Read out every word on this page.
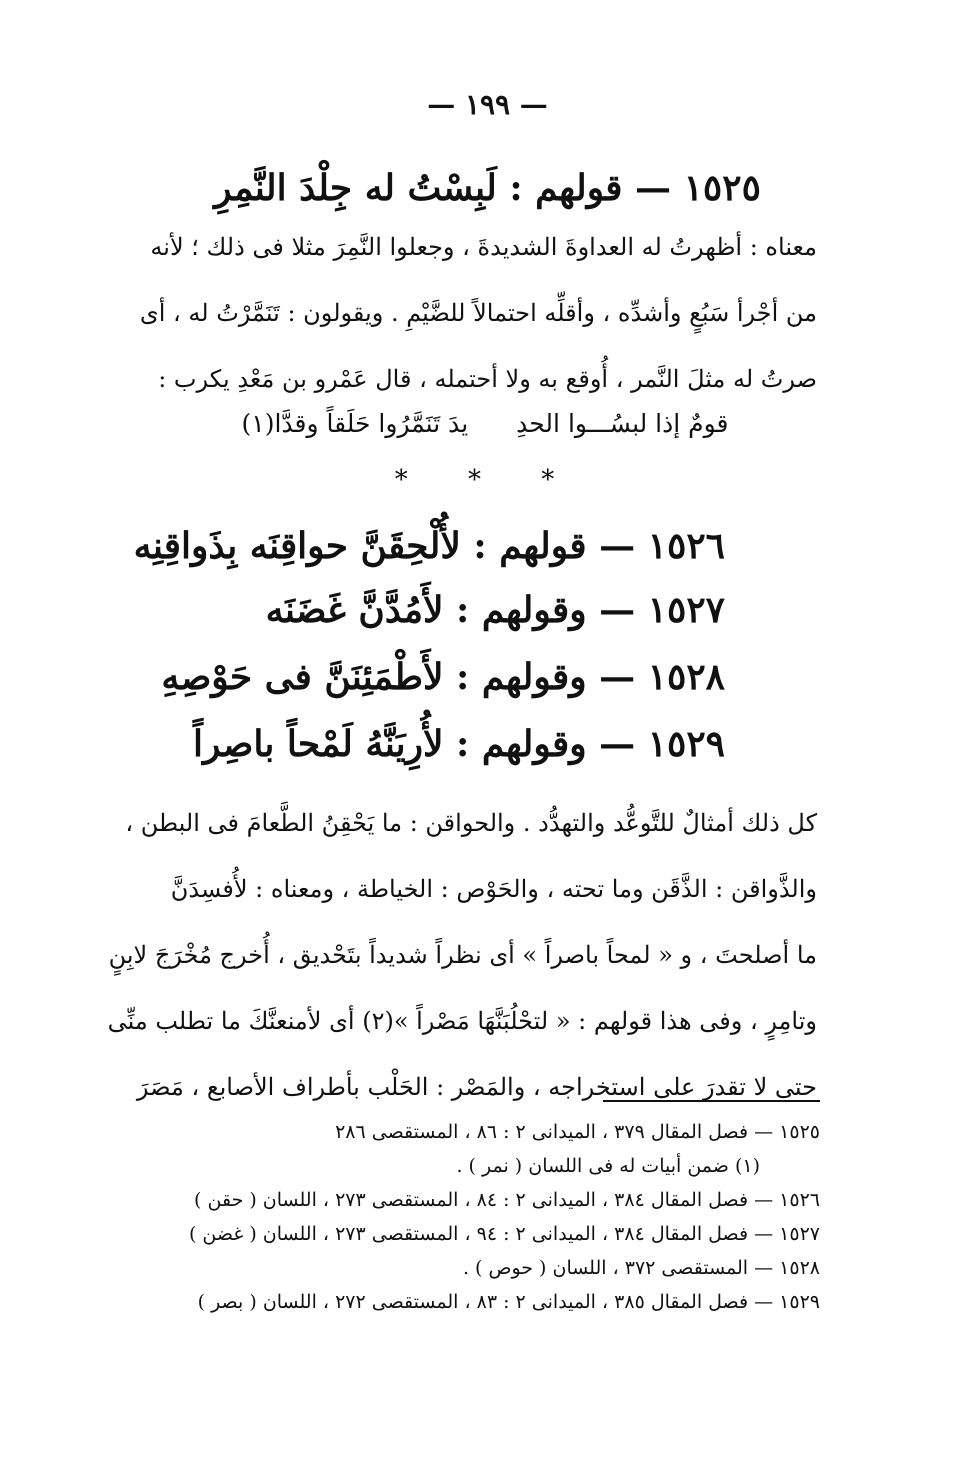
— ١٩٩ —
١٥٢٥ — قولهم : لَبِسْتُ له جِلْدَ النَّمِرِ
معناه : أظهرتُ له العداوةَ الشديدةَ ، وجعلوا النَّمِرَ مثلا فى ذلك ؛ لأنه
من أجْرأ سَبُعٍ وأشدِّه ، وأقلِّه احتمالاً للضَّيْمِ . ويقولون : تَنَمَّرْتُ له ، أى
صرتُ له مثلَ النَّمر ، أُوقع به ولا أحتمله ، قال عَمْرو بن مَعْدِ يكرب :
قومٌ إذا لبسُـــوا الحدِ يدَ تَنَمَّرُوا حَلَقاً وقدَّا(١)
* * *
١٥٢٦ — قولهم : لأُلْحِقَنَّ حواقِنَه بِذَواقِنِه
١٥٢٧ — وقولهم : لأَمُدَّنَّ غَضَنَه
١٥٢٨ — وقولهم : لأَطْمَئِنَنَّ فى حَوْصِهِ
١٥٢٩ — وقولهم : لأُرِيَنَّهُ لَمْحاً باصِراً
كل ذلك أمثالٌ للتَّوعُّد والتهدُّد . والحواقن : ما يَحْقِنُ الطَّعامَ فى البطن ،
والذَّواقن : الذَّقَن وما تحته ، والحَوْص : الخياطة ، ومعناه : لأُفسِدَنَّ
ما أصلحتَ ، و « لمحاً باصراً » أى نظراً شديداً بتَحْديق ، أُخرج مُخْرَجَ لابِنٍ
وتامِرٍ ، وفى هذا قولهم : « لتحْلُبَنَّهَا مَصْراً »(٢) أى لأمنعنَّكَ ما تطلب منِّى
حتى لا تقدرَ على استخراجه ، والمَصْر : الحَلْب بأطراف الأصابع ، مَصَرَ
١٥٢٥ — فصل المقال ٣٧٩ ، الميدانى ٢ : ٨٦ ، المستقصى ٢٨٦
(١) ضمن أبيات له فى اللسان ( نمر ) .
١٥٢٦ — فصل المقال ٣٨٤ ، الميدانى ٢ : ٨٤ ، المستقصى ٢٧٣ ، اللسان ( حقن )
١٥٢٧ — فصل المقال ٣٨٤ ، الميدانى ٢ : ٩٤ ، المستقصى ٢٧٣ ، اللسان ( غضن )
١٥٢٨ — المستقصى ٣٧٢ ، اللسان ( حوص ) .
١٥٢٩ — فصل المقال ٣٨٥ ، الميدانى ٢ : ٨٣ ، المستقصى ٢٧٢ ، اللسان ( بصر )
